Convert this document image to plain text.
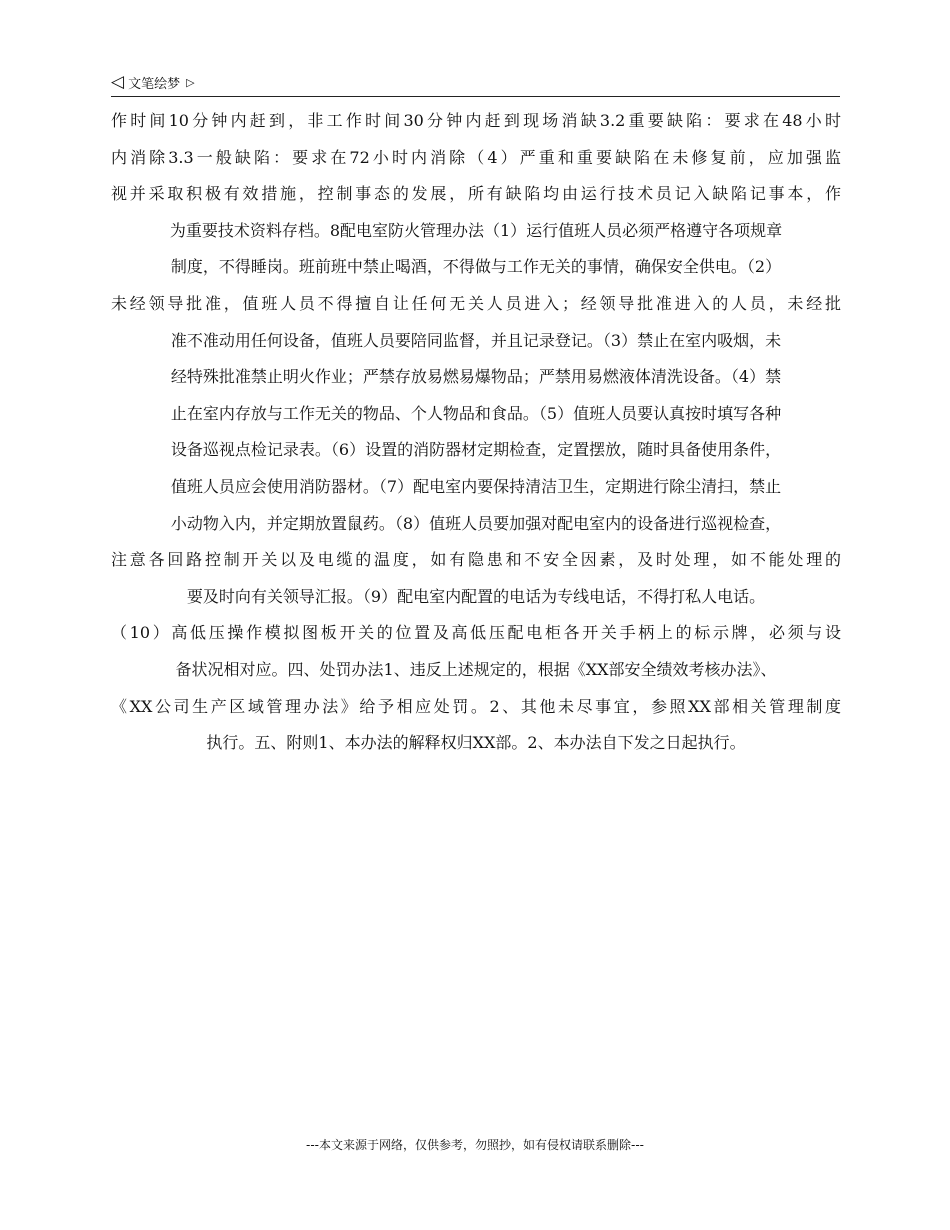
◁ 文笔绘梦 ▷
作时间10分钟内赶到，非工作时间30分钟内赶到现场消缺3.2重要缺陷：要求在48小时
内消除3.3一般缺陷：要求在72小时内消除（4）严重和重要缺陷在未修复前，应加强监
视并采取积极有效措施，控制事态的发展，所有缺陷均由运行技术员记入缺陷记事本，作
为重要技术资料存档。8配电室防火管理办法（1）运行值班人员必须严格遵守各项规章
制度，不得睡岗。班前班中禁止喝酒，不得做与工作无关的事情，确保安全供电。（2）
未经领导批准，值班人员不得擅自让任何无关人员进入；经领导批准进入的人员，未经批
准不准动用任何设备，值班人员要陪同监督，并且记录登记。（3）禁止在室内吸烟，未
经特殊批准禁止明火作业；严禁存放易燃易爆物品；严禁用易燃液体清洗设备。（4）禁
止在室内存放与工作无关的物品、个人物品和食品。（5）值班人员要认真按时填写各种
设备巡视点检记录表。（6）设置的消防器材定期检查，定置摆放，随时具备使用条件，
值班人员应会使用消防器材。（7）配电室内要保持清洁卫生，定期进行除尘清扫，禁止
小动物入内，并定期放置鼠药。（8）值班人员要加强对配电室内的设备进行巡视检查，
注意各回路控制开关以及电缆的温度，如有隐患和不安全因素，及时处理，如不能处理的
要及时向有关领导汇报。（9）配电室内配置的电话为专线电话，不得打私人电话。
（10）高低压操作模拟图板开关的位置及高低压配电柜各开关手柄上的标示牌，必须与设
备状况相对应。四、处罚办法1、违反上述规定的，根据《XX部安全绩效考核办法》、
《XX公司生产区域管理办法》给予相应处罚。2、其他未尽事宜，参照XX部相关管理制度
执行。五、附则1、本办法的解释权归XX部。2、本办法自下发之日起执行。
---本文来源于网络，仅供参考，勿照抄，如有侵权请联系删除---
